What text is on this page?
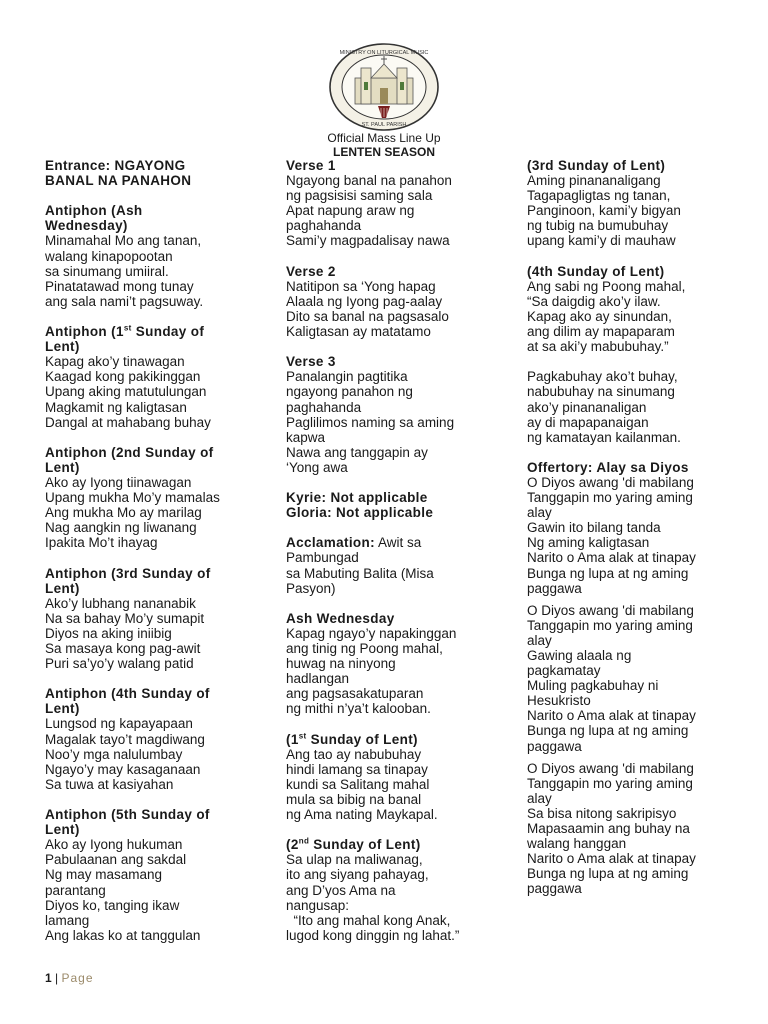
MINISTRY ON LITURGICAL MUSIC
ST. PAUL PARISH
Official Mass Line Up
LENTEN SEASON
Entrance: NGAYONG
BANAL NA PANAHON
Antiphon (Ash
Wednesday)
Minamahal Mo ang tanan,
walang kinapopootan
sa sinumang umiiral.
Pinatatawad mong tunay
ang sala nami’t pagsuway.
Antiphon (1st Sunday of
Lent)
Kapag ako’y tinawagan
Kaagad kong pakikinggan
Upang aking matutulungan
Magkamit ng kaligtasan
Dangal at mahabang buhay
Antiphon (2nd Sunday of
Lent)
Ako ay Iyong tiinawagan
Upang mukha Mo’y mamalas
Ang mukha Mo ay marilag
Nag aangkin ng liwanang
Ipakita Mo’t ihayag
Antiphon (3rd Sunday of
Lent)
Ako’y lubhang nananabik
Na sa bahay Mo’y sumapit
Diyos na aking iniibig
Sa masaya kong pag-awit
Puri sa’yo’y walang patid
Antiphon (4th Sunday of
Lent)
Lungsod ng kapayapaan
Magalak tayo’t magdiwang
Noo’y mga nalulumbay
Ngayo’y may kasaganaan
Sa tuwa at kasiyahan
Antiphon (5th Sunday of
Lent)
Ako ay Iyong hukuman
Pabulaanan ang sakdal
Ng may masamang
parantang
Diyos ko, tanging ikaw
lamang
Ang lakas ko at tanggulan
Verse 1
Ngayong banal na panahon
ng pagsisisi saming sala
Apat napung araw ng
paghahanda
Sami’y magpadalisay nawa
Verse 2
Natitipon sa ‘Yong hapag
Alaala ng Iyong pag-aalay
Dito sa banal na pagsasalo
Kaligtasan ay matatamo
Verse 3
Panalangin pagtitika
ngayong panahon ng
paghahanda
Paglilimos naming sa aming
kapwa
Nawa ang tanggapin ay
‘Yong awa
Kyrie: Not applicable
Gloria: Not applicable
Acclamation: Awit sa
Pambungad
sa Mabuting Balita (Misa
Pasyon)
Ash Wednesday
Kapag ngayo’y napakinggan
ang tinig ng Poong mahal,
huwag na ninyong
hadlangan
ang pagsasakatuparan
ng mithi n’ya’t kalooban.
(1st Sunday of Lent)
Ang tao ay nabubuhay
hindi lamang sa tinapay
kundi sa Salitang mahal
mula sa bibig na banal
ng Ama nating Maykapal.
(2nd Sunday of Lent)
Sa ulap na maliwanag,
ito ang siyang pahayag,
ang D’yos Ama na
nangusap:
“Ito ang mahal kong Anak,
lugod kong dinggin ng lahat.”
(3rd Sunday of Lent)
Aming pinananaligang
Tagapagligtas ng tanan,
Panginoon, kami’y bigyan
ng tubig na bumubuhay
upang kami’y di mauhaw
(4th Sunday of Lent)
Ang sabi ng Poong mahal,
“Sa daigdig ako’y ilaw.
Kapag ako ay sinundan,
ang dilim ay mapaparam
at sa aki’y mabubuhay.”
Pagkabuhay ako’t buhay,
nabubuhay na sinumang
ako’y pinananaligan
ay di mapapanaigan
ng kamatayan kailanman.
Offertory: Alay sa Diyos
O Diyos awang 'di mabilang
Tanggapin mo yaring aming
alay
Gawin ito bilang tanda
Ng aming kaligtasan
Narito o Ama alak at tinapay
Bunga ng lupa at ng aming
paggawa
O Diyos awang 'di mabilang
Tanggapin mo yaring aming
alay
Gawing alaala ng
pagkamatay
Muling pagkabuhay ni
Hesukristo
Narito o Ama alak at tinapay
Bunga ng lupa at ng aming
paggawa
O Diyos awang 'di mabilang
Tanggapin mo yaring aming
alay
Sa bisa nitong sakripisyo
Mapasaamin ang buhay na
walang hanggan
Narito o Ama alak at tinapay
Bunga ng lupa at ng aming
paggawa
1 | Page
